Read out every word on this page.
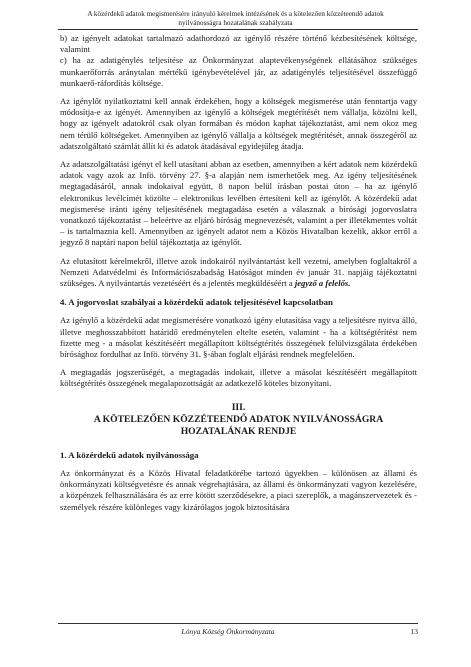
A közérdekű adatok megismerésére irányuló kérelmek intézésének és a kötelezően közzéteendő adatok
nyilvánosságra hozatalának szabályzata

b) az igényelt adatokat tartalmazó adathordozó az igénylő részére történő kézbesítésének költsége, valamint

c) ha az adatigénylés teljesítése az Önkormányzat alaptevékenységének ellátásához szükséges munkaerőforrás aránytalan mértékű igénybevételével jár, az adatigénylés teljesítésével összefüggő munkaerő-ráfordítás költsége.

Az igénylőt nyilatkoztatni kell annak érdekében, hogy a költségek megismerése után fenntartja vagy módosítja-e az igényét. Amennyiben az igénylő a költségek megtérítését nem vállalja, közölni kell, hogy az igényelt adatokról csak olyan formában és módon kaphat tájékoztatást, ami nem okoz meg nem térülő költségeket. Amennyiben az igénylő vállalja a költségek megtérítését, annak összegéről az adatszolgáltató számlát állít ki és adatok átadásával egyidejűleg átadja.

Az adatszolgáltatási igényt el kell utasítani abban az esetben, amennyiben a kért adatok nem közérdekű adatok vagy azok az Infö. törvény 27. §-a alapján nem ismerhetőek meg. Az igény teljesítésének megtagadásáról, annak indokaival együtt, 8 napon belül írásban postai úton – ha az igénylő elektronikus levélcímét közölte – elektronikus levélben értesíteni kell az igénylőt. A közérdekű adat megismerése iránti igény teljesítésének megtagadása esetén a válasznak a bírósági jogorvoslatra vonatkozó tájékoztatást – beleértve az eljáró bíróság megnevezését, valamint a per illetékmentes voltát – is tartalmaznia kell. Amennyiben az igényelt adatot nem a Közös Hivatalban kezelik, akkor erről a jegyző 8 naptári napon belül tájékoztatja az igénylőt.

Az elutasított kérelmekről, illetve azok indokairól nyilvántartást kell vezetni, amelyben foglaltakról a Nemzeti Adatvédelmi és Információszabadság Hatóságot minden év január 31. napjáig tájékoztatni szükséges. A nyilvántartás vezetéséért és a jelentés megküldéséért a jegyző a felelős.

4. A jogorvoslat szabályai a közérdekű adatok teljesítésével kapcsolatban

Az igénylő a közérdekű adat megismerésére vonatkozó igény elutasítása vagy a teljesítésre nyitva álló, illetve meghosszabbított határidő eredménytelen eltelte esetén, valamint - ha a költségtérítést nem fizette meg - a másolat készítéséért megállapított költségtérítés összegének felülvizsgálata érdekében bírósághoz fordulhat az Infö. törvény 31. §-ában foglalt eljárási rendnek megfelelően.

A megtagadás jogszerűségét, a megtagadás indokait, illetve a másolat készítéséért megállapított költségtérítés összegének megalapozottságát az adatkezelő köteles bizonyítani.

III.
A KÖTELEZŐEN KÖZZÉTEENDŐ ADATOK NYILVÁNOSSÁGRA
HOZATALÁNAK RENDJE
1. A közérdekű adatok nyilvánossága

Az önkormányzat és a Közös Hivatal feladatkörébe tartozó ügyekben – különösen az állami és önkormányzati költségvetésre és annak végrehajtására, az állami és önkormányzati vagyon kezelésére, a közpénzek felhasználására és az erre kötött szerződésekre, a piaci szereplők, a magánszervezetek és -személyek részére különleges vagy kizárólagos jogok biztosítására

Lónya Község Önkormányzata	13
